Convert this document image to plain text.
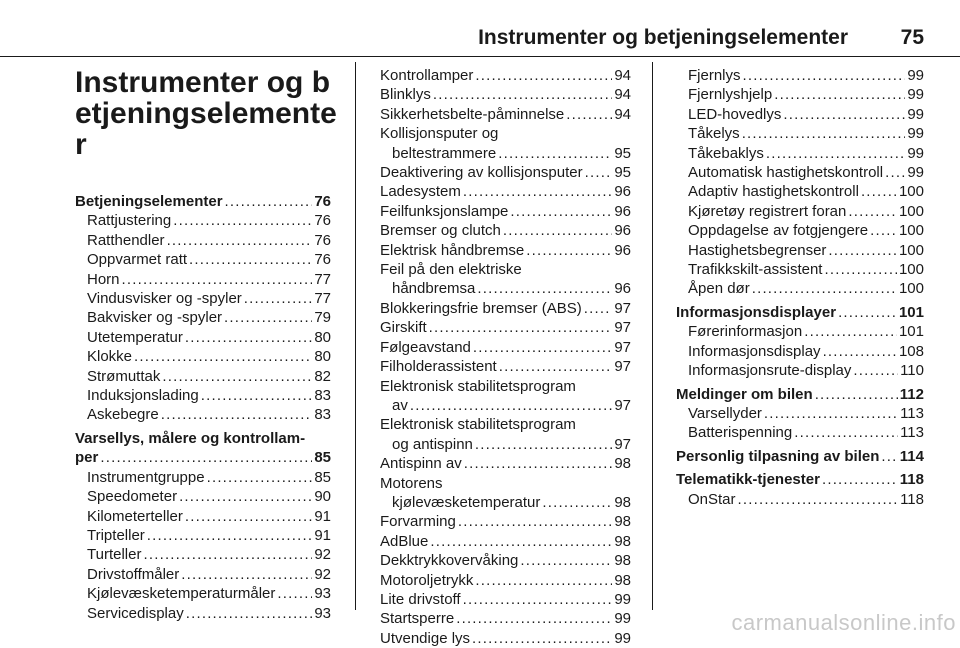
Instrumenter og betjeningselementer	75
Instrumenter og betjeningselemente r
Betjeningselementer .....	76
Rattjustering .....	76
Ratthendler .....	76
Oppvarmet ratt .....	76
Horn .....	77
Vindusvisker og -spyler .....	77
Bakvisker og -spyler .....	79
Utetemperatur .....	80
Klokke .....	80
Strømuttak .....	82
Induksjonslading .....	83
Askebegre .....	83
Varsellys, målere og kontrollam-
per .....	85
Instrumentgruppe .....	85
Speedometer .....	90
Kilometerteller .....	91
Tripteller .....	91
Turteller .....	92
Drivstoffmåler .....	92
Kjølevæsketemperaturmåler .....	93
Servicedisplay .....	93
Kontrollamper .....	94
Blinklys .....	94
Sikkerhetsbelte-påminnelse .....	94
Kollisjonsputer og
beltestrammere .....	95
Deaktivering av kollisjonsputer ..... 95
Ladesystem .....	96
Feilfunksjonslampe .....	96
Bremser og clutch .....	96
Elektrisk håndbremse .....	96
Feil på den elektriske
håndbremsa .....	96
Blokkeringsfrie bremser (ABS) ..... 97
Girskift .....	97
Følgeavstand .....	97
Filholderassistent .....	97
Elektronisk stabilitetsprogram
av .....	97
Elektronisk stabilitetsprogram
og antispinn .....	97
Antispinn av .....	98
Motorens
kjølevæsketemperatur .....	98
Forvarming .....	98
AdBlue .....	98
Dekktrykkovervåking .....	98
Motoroljetrykk .....	98
Lite drivstoff .....	99
Startsperre .....	99
Utvendige lys .....	99
Fjernlys .....	99
Fjernlyshjelp .....	99
LED-hovedlys .....	99
Tåkelys .....	99
Tåkebaklys .....	99
Automatisk hastighetskontroll ..... 99
Adaptiv hastighetskontroll .....	100
Kjøretøy registrert foran .....	100
Oppdagelse av fotgjengere ..... 100
Hastighetsbegrenser .....	100
Trafikkskilt-assistent .....	100
Åpen dør .....	100
Informasjonsdisplayer .....	101
Førerinformasjon .....	101
Informasjonsdisplay .....	108
Informasjonsrute-display .....	110
Meldinger om bilen .....	112
Varsellyder .....	113
Batterispenning .....	113
Personlig tilpasning av bilen ..... 114
Telematikk-tjenester .....	118
OnStar .....	118
carmanualsonline.info
